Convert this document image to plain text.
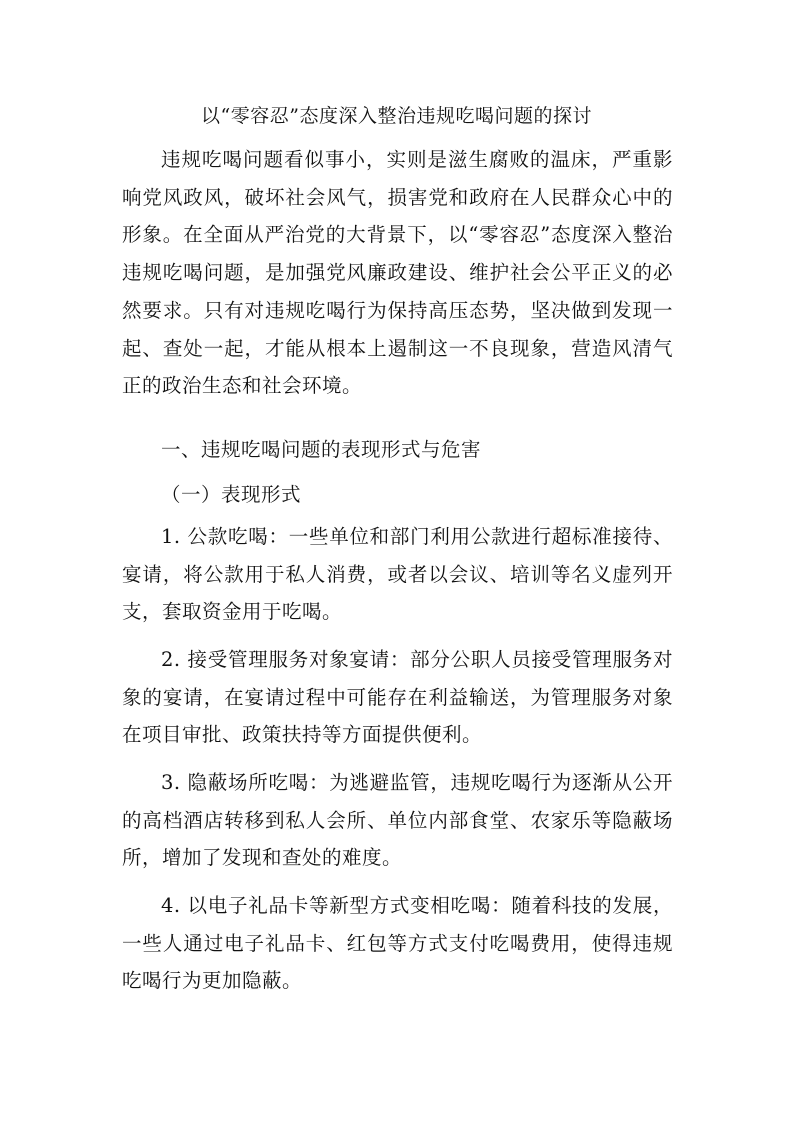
以“零容忍”态度深入整治违规吃喝问题的探讨

违规吃喝问题看似事小，实则是滋生腐败的温床，严重影响党风政风，破坏社会风气，损害党和政府在人民群众心中的形象。在全面从严治党的大背景下，以“零容忍”态度深入整治违规吃喝问题，是加强党风廉政建设、维护社会公平正义的必然要求。只有对违规吃喝行为保持高压态势，坚决做到发现一起、查处一起，才能从根本上遏制这一不良现象，营造风清气正的政治生态和社会环境。

一、违规吃喝问题的表现形式与危害
（一）表现形式

1. 公款吃喝：一些单位和部门利用公款进行超标准接待、宴请，将公款用于私人消费，或者以会议、培训等名义虚列开支，套取资金用于吃喝。

2. 接受管理服务对象宴请：部分公职人员接受管理服务对象的宴请，在宴请过程中可能存在利益输送，为管理服务对象在项目审批、政策扶持等方面提供便利。

3. 隐蔽场所吃喝：为逃避监管，违规吃喝行为逐渐从公开的高档酒店转移到私人会所、单位内部食堂、农家乐等隐蔽场所，增加了发现和查处的难度。

4. 以电子礼品卡等新型方式变相吃喝：随着科技的发展，一些人通过电子礼品卡、红包等方式支付吃喝费用，使得违规吃喝行为更加隐蔽。
